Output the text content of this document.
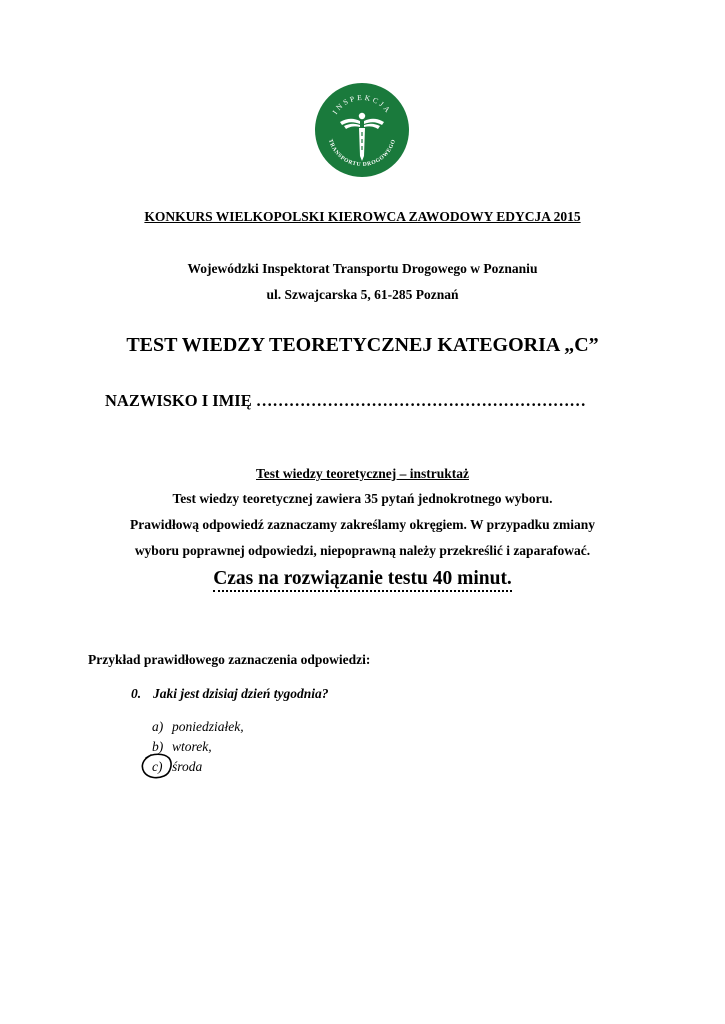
INSPEKCJA
TRANSPORTU DROGOWEGO
KONKURS WIELKOPOLSKI KIEROWCA ZAWODOWY EDYCJA 2015
Wojewódzki Inspektorat Transportu Drogowego w Poznaniu
ul. Szwajcarska 5, 61-285 Poznań
TEST WIEDZY TEORETYCZNEJ KATEGORIA „C”
NAZWISKO I IMIĘ ……………………………………………………
Test wiedzy teoretycznej – instruktaż
Test wiedzy teoretycznej zawiera 35 pytań jednokrotnego wyboru.
Prawidłową odpowiedź zaznaczamy zakreślamy okręgiem. W przypadku zmiany
wyboru poprawnej odpowiedzi, niepoprawną należy przekreślić i zaparafować.
Czas na rozwiązanie testu 40 minut.
Przykład prawidłowego zaznaczenia odpowiedzi:
0. Jaki jest dzisiaj dzień tygodnia?
a) poniedziałek,
b) wtorek,
c) środa
